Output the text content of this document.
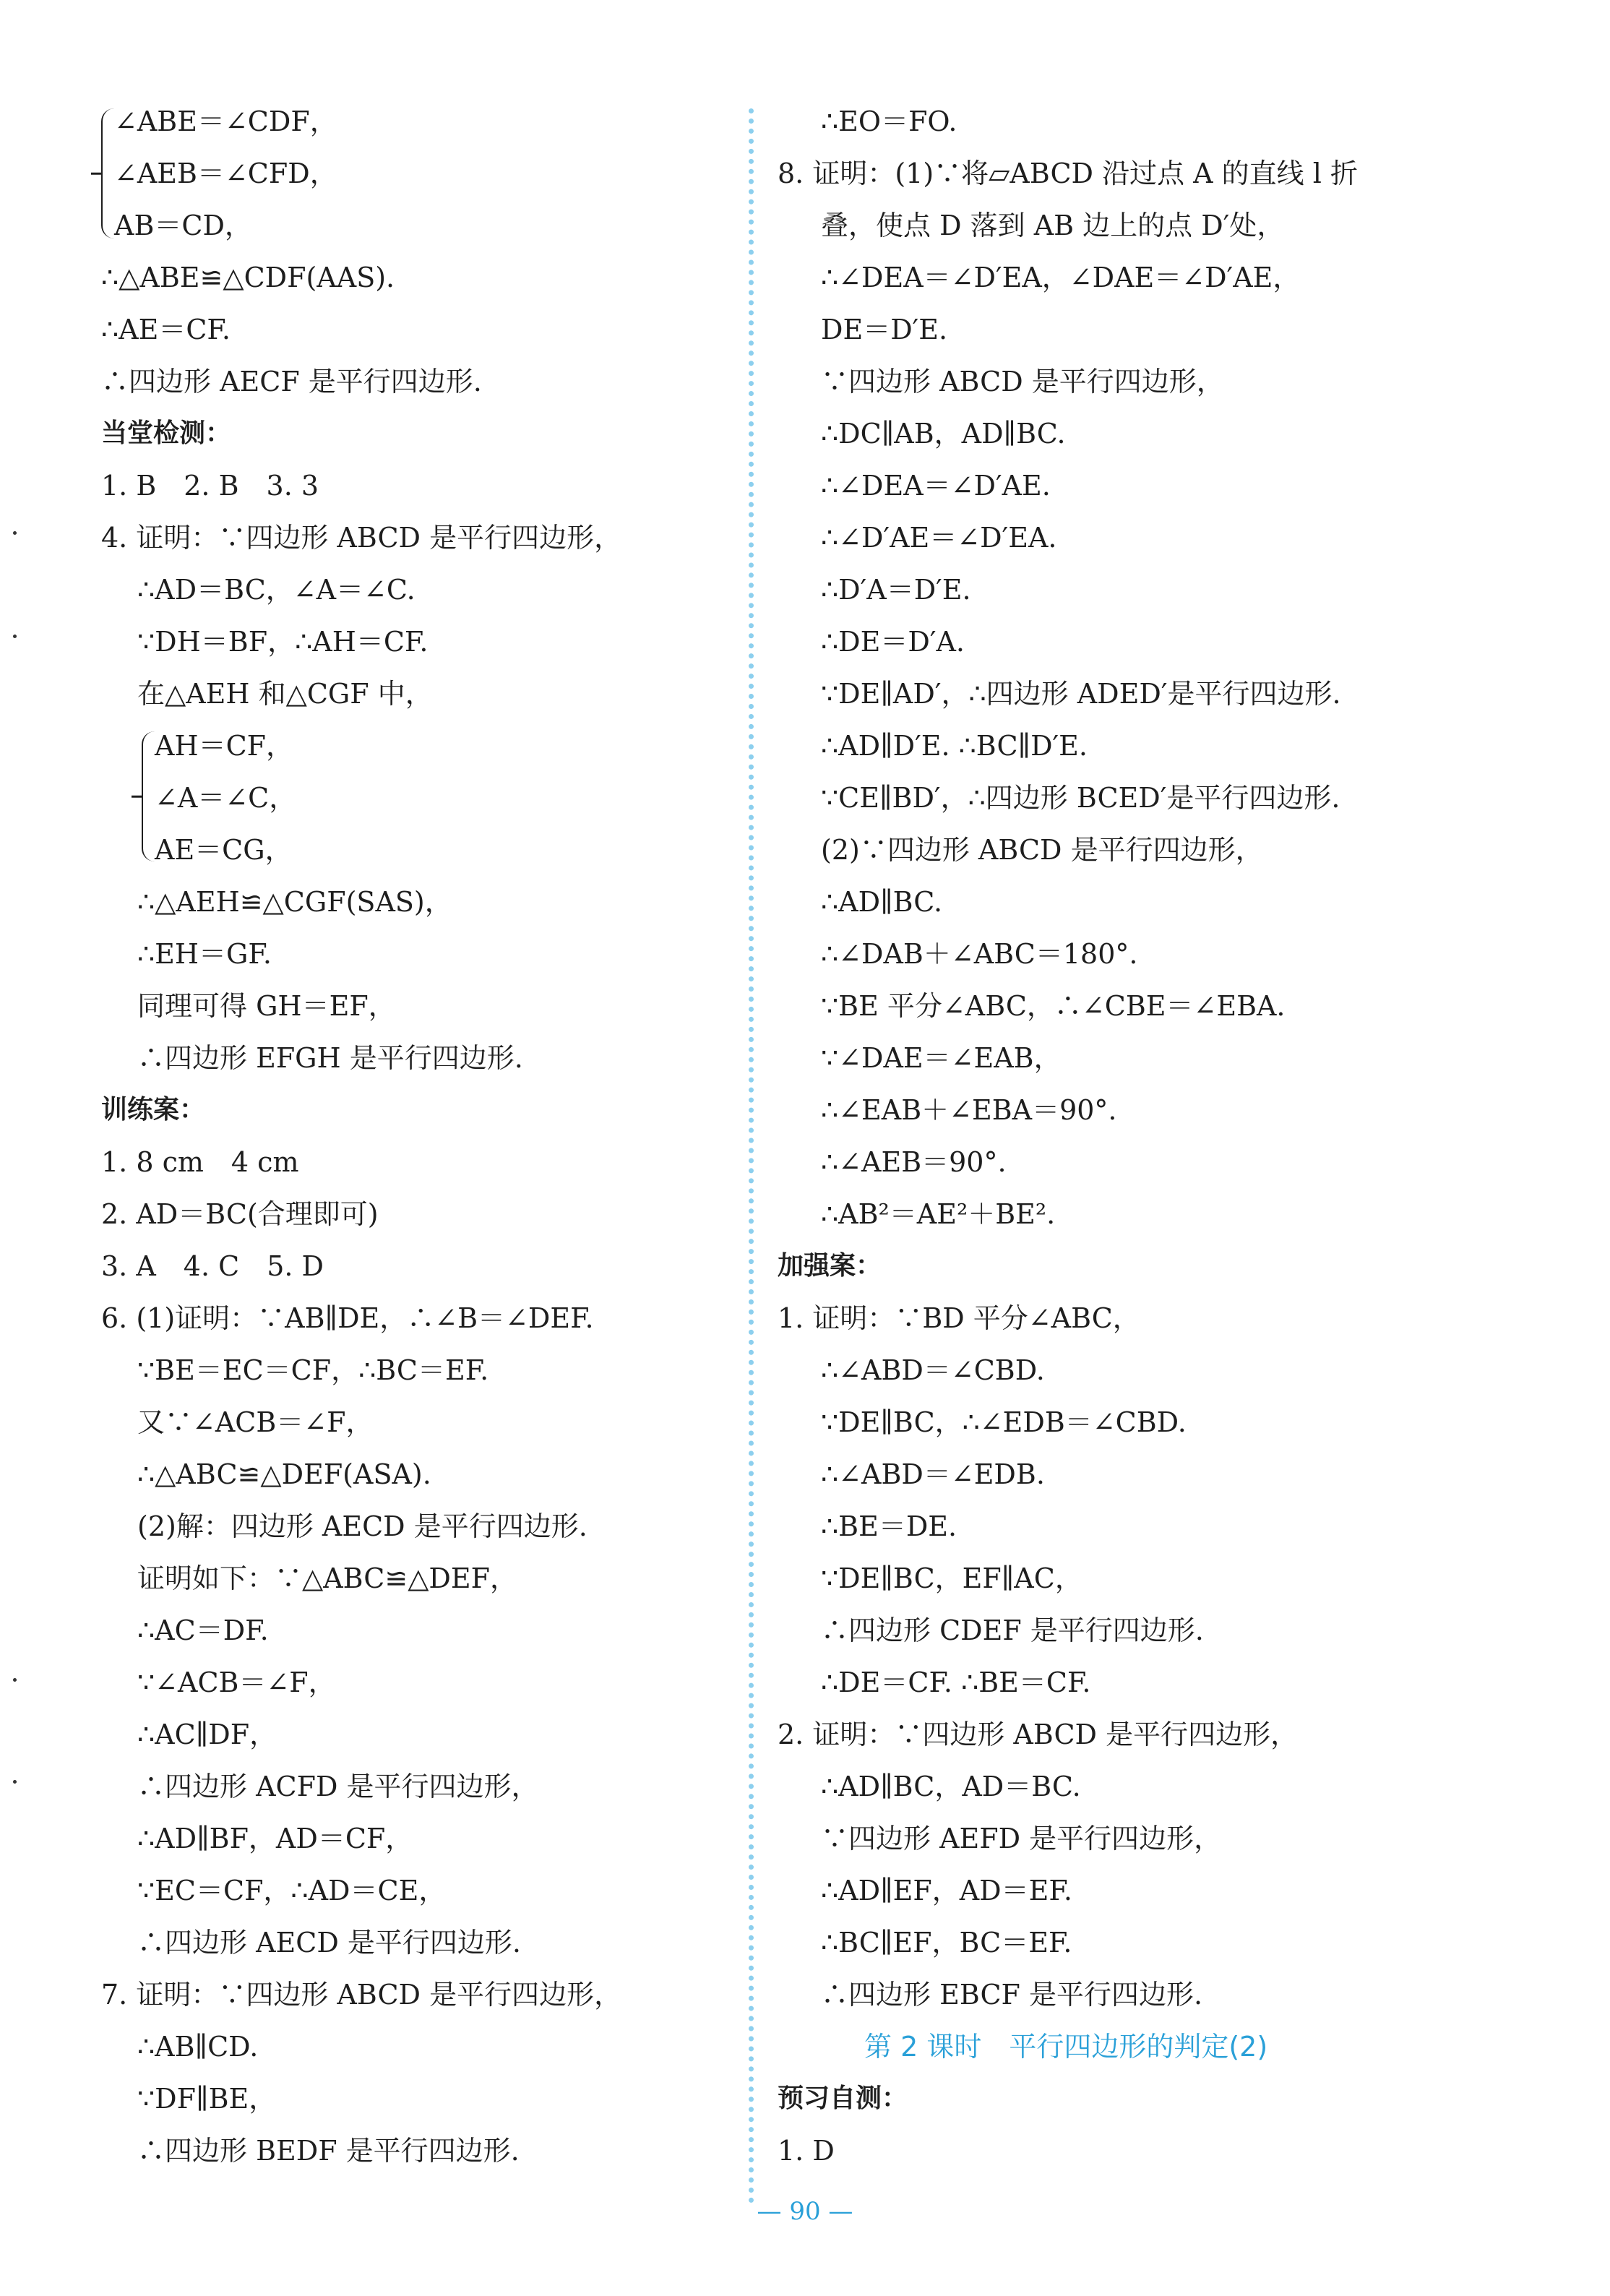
∠ABE＝∠CDF，
∠AEB＝∠CFD，
AB＝CD，
∴△ABE≌△CDF(AAS).
∴AE＝CF.
∴四边形 AECF 是平行四边形.
当堂检测：
1. B　2. B　3. 3
4. 证明：∵四边形 ABCD 是平行四边形，
∴AD＝BC，∠A＝∠C.
∵DH＝BF，∴AH＝CF.
在△AEH 和△CGF 中，
AH＝CF，
∠A＝∠C，
AE＝CG，
∴△AEH≌△CGF(SAS)，
∴EH＝GF.
同理可得 GH＝EF，
∴四边形 EFGH 是平行四边形.
训练案：
1. 8 cm　4 cm
2. AD＝BC(合理即可)
3. A　4. C　5. D
6. (1)证明：∵AB∥DE，∴∠B＝∠DEF.
∵BE＝EC＝CF，∴BC＝EF.
又∵∠ACB＝∠F，
∴△ABC≌△DEF(ASA).
(2)解：四边形 AECD 是平行四边形.
证明如下：∵△ABC≌△DEF，
∴AC＝DF.
∵∠ACB＝∠F，
∴AC∥DF，
∴四边形 ACFD 是平行四边形，
∴AD∥BF，AD＝CF，
∵EC＝CF，∴AD＝CE，
∴四边形 AECD 是平行四边形.
7. 证明：∵四边形 ABCD 是平行四边形，
∴AB∥CD.
∵DF∥BE，
∴四边形 BEDF 是平行四边形.
∴EO＝FO.
8. 证明：(1)∵将▱ABCD 沿过点 A 的直线 l 折
叠，使点 D 落到 AB 边上的点 D′处，
∴∠DEA＝∠D′EA，∠DAE＝∠D′AE，
DE＝D′E.
∵四边形 ABCD 是平行四边形，
∴DC∥AB，AD∥BC.
∴∠DEA＝∠D′AE.
∴∠D′AE＝∠D′EA.
∴D′A＝D′E.
∴DE＝D′A.
∵DE∥AD′，∴四边形 ADED′是平行四边形.
∴AD∥D′E. ∴BC∥D′E.
∵CE∥BD′，∴四边形 BCED′是平行四边形.
(2)∵四边形 ABCD 是平行四边形，
∴AD∥BC.
∴∠DAB＋∠ABC＝180°.
∵BE 平分∠ABC，∴∠CBE＝∠EBA.
∵∠DAE＝∠EAB，
∴∠EAB＋∠EBA＝90°.
∴∠AEB＝90°.
∴AB²＝AE²＋BE².
加强案：
1. 证明：∵BD 平分∠ABC，
∴∠ABD＝∠CBD.
∵DE∥BC，∴∠EDB＝∠CBD.
∴∠ABD＝∠EDB.
∴BE＝DE.
∵DE∥BC，EF∥AC，
∴四边形 CDEF 是平行四边形.
∴DE＝CF. ∴BE＝CF.
2. 证明：∵四边形 ABCD 是平行四边形，
∴AD∥BC，AD＝BC.
∵四边形 AEFD 是平行四边形，
∴AD∥EF，AD＝EF.
∴BC∥EF，BC＝EF.
∴四边形 EBCF 是平行四边形.
第 2 课时　平行四边形的判定(2)
预习自测：
1. D
— 90 —
